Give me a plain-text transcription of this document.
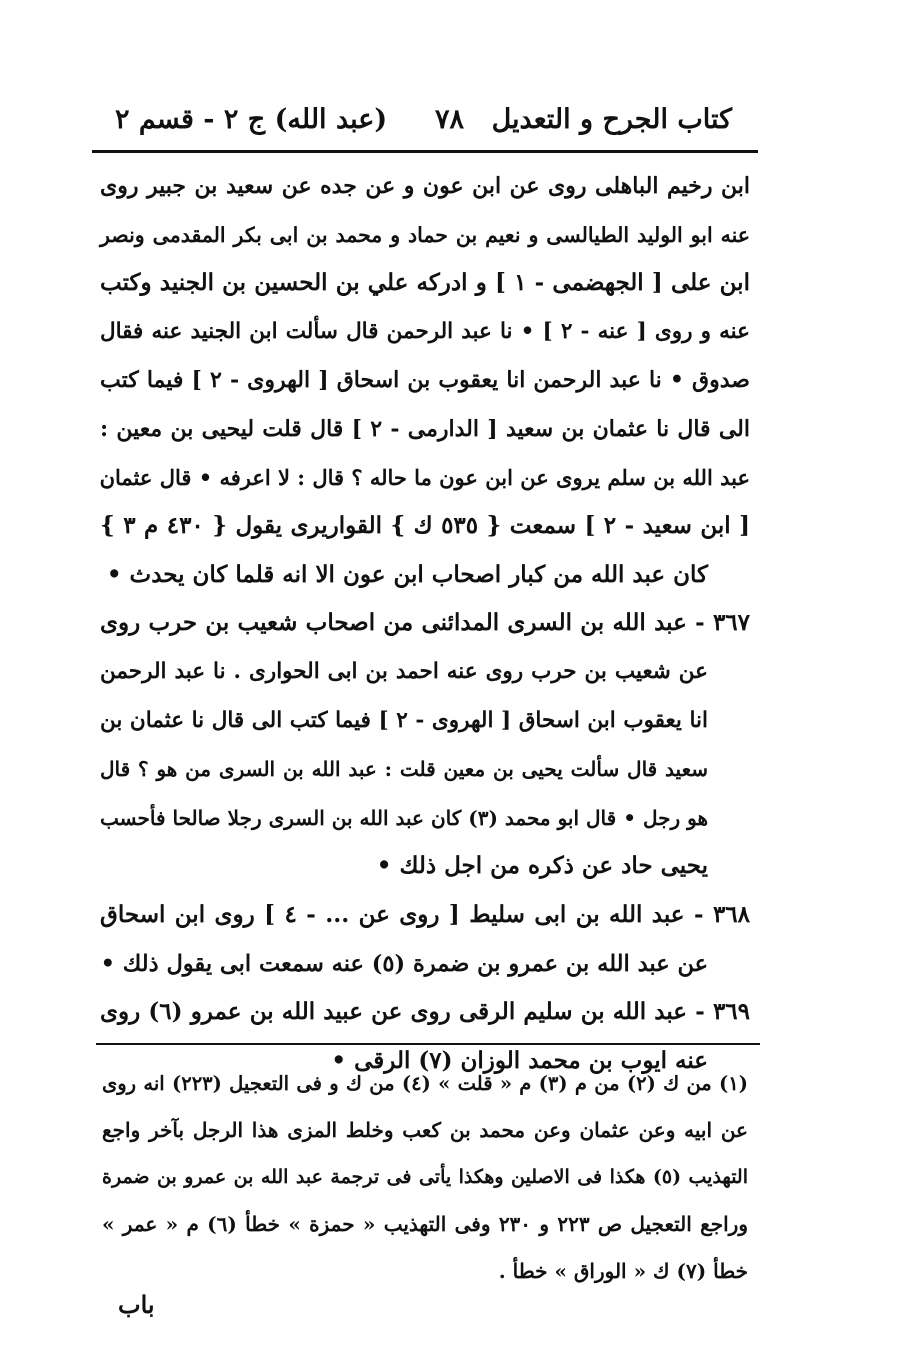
كتاب الجرح و التعديل
٧٨
(عبد الله) ج ٢ - قسم ٢
ابن رخيم الباهلى روى عن ابن عون و عن جده عن سعيد بن جبير روى
عنه ابو الوليد الطيالسى و نعيم بن حماد و محمد بن ابى بكر المقدمى ونصر
ابن على [ الجهضمى - ١ ] و ادركه علي بن الحسين بن الجنيد وكتب
عنه و روى [ عنه - ٢ ] • نا عبد الرحمن قال سألت ابن الجنيد عنه فقال
صدوق • نا عبد الرحمن انا يعقوب بن اسحاق [ الهروى - ٢ ] فيما كتب
الى قال نا عثمان بن سعيد [ الدارمى - ٢ ] قال قلت ليحيى بن معين :
عبد الله بن سلم يروى عن ابن عون ما حاله ؟ قال : لا اعرفه • قال عثمان
[ ابن سعيد - ٢ ] سمعت { ٥٣٥ ك } القواريرى يقول { ٤٣٠ م ٣ }
كان عبد الله من كبار اصحاب ابن عون الا انه قلما كان يحدث •
٣٦٧ - عبد الله بن السرى المدائنى من اصحاب شعيب بن حرب روى
عن شعيب بن حرب روى عنه احمد بن ابى الحوارى . نا عبد الرحمن
انا يعقوب ابن اسحاق [ الهروى - ٢ ] فيما كتب الى قال نا عثمان بن
سعيد قال سألت يحيى بن معين قلت : عبد الله بن السرى من هو ؟ قال
هو رجل • قال ابو محمد (٣) كان عبد الله بن السرى رجلا صالحا فأحسب
يحيى حاد عن ذكره من اجل ذلك •
٣٦٨ - عبد الله بن ابى سليط [ روى عن ... - ٤ ] روى ابن اسحاق
عن عبد الله بن عمرو بن ضمرة (٥) عنه سمعت ابى يقول ذلك •
٣٦٩ - عبد الله بن سليم الرقى روى عن عبيد الله بن عمرو (٦) روى
عنه ايوب بن محمد الوزان (٧) الرقى •
(١) من ك (٢) من م (٣) م « قلت » (٤) من ك و فى التعجيل (٢٢٣) انه روى
عن ابيه وعن عثمان وعن محمد بن كعب وخلط المزى هذا الرجل بآخر واجع
التهذيب (٥) هكذا فى الاصلين وهكذا يأتى فى ترجمة عبد الله بن عمرو بن ضمرة
وراجع التعجيل ص ٢٢٣ و ٢٣٠ وفى التهذيب « حمزة » خطأ (٦) م « عمر »
خطأ (٧) ك « الوراق » خطأ .
باب
